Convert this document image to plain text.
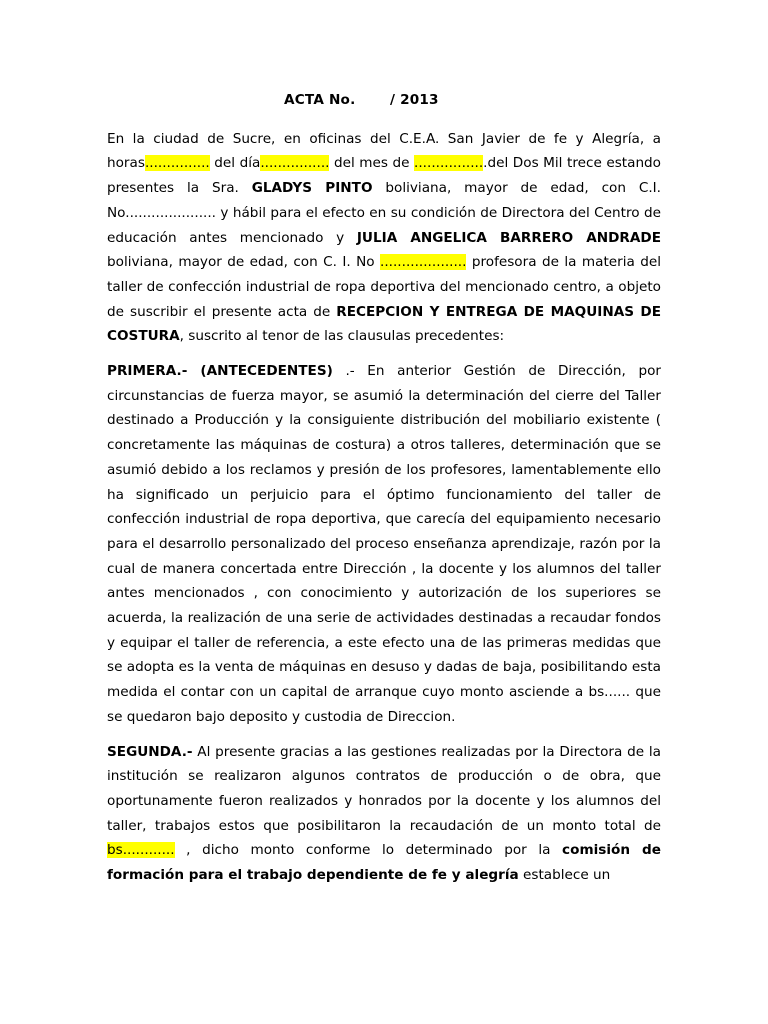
ACTA No.       / 2013

En la ciudad de Sucre, en oficinas del C.E.A. San Javier de fe y Alegría, a horas............... del día................ del mes de .................del Dos Mil trece estando presentes la Sra. GLADYS PINTO boliviana, mayor de edad, con C.I. No..................... y hábil para el efecto en su condición de Directora del Centro de educación antes mencionado y JULIA ANGELICA BARRERO ANDRADE boliviana, mayor de edad, con C. I. No .................... profesora de la materia del taller de confección industrial de ropa deportiva del mencionado centro, a objeto de suscribir el presente acta de RECEPCION Y ENTREGA DE MAQUINAS DE COSTURA, suscrito al tenor de las clausulas precedentes:

PRIMERA.- (ANTECEDENTES) .- En anterior Gestión de Dirección, por circunstancias de fuerza mayor, se asumió la determinación del cierre del Taller destinado a Producción y la consiguiente distribución del mobiliario existente ( concretamente las máquinas de costura) a otros talleres, determinación que se asumió debido a los reclamos y presión de los profesores, lamentablemente ello ha significado un perjuicio para el óptimo funcionamiento del taller de confección industrial de ropa deportiva, que carecía del equipamiento necesario para el desarrollo personalizado del proceso enseñanza aprendizaje, razón por la cual de manera concertada entre Dirección , la docente y los alumnos del taller antes mencionados , con conocimiento y autorización de los superiores se acuerda, la realización de una serie de actividades destinadas a recaudar fondos y equipar el taller de referencia, a este efecto una de las primeras medidas que se adopta es la venta de máquinas en desuso y dadas de baja, posibilitando esta medida el contar con un capital de arranque cuyo monto asciende a bs...... que se quedaron bajo deposito y custodia de Direccion.

SEGUNDA.- Al presente gracias a las gestiones realizadas por la Directora de la institución se realizaron algunos contratos de producción o de obra, que oportunamente fueron realizados y honrados por la docente y los alumnos del taller, trabajos estos que posibilitaron la recaudación de un monto total de bs............ , dicho monto conforme lo determinado por la comisión de formación para el trabajo dependiente de fe y alegría establece un
